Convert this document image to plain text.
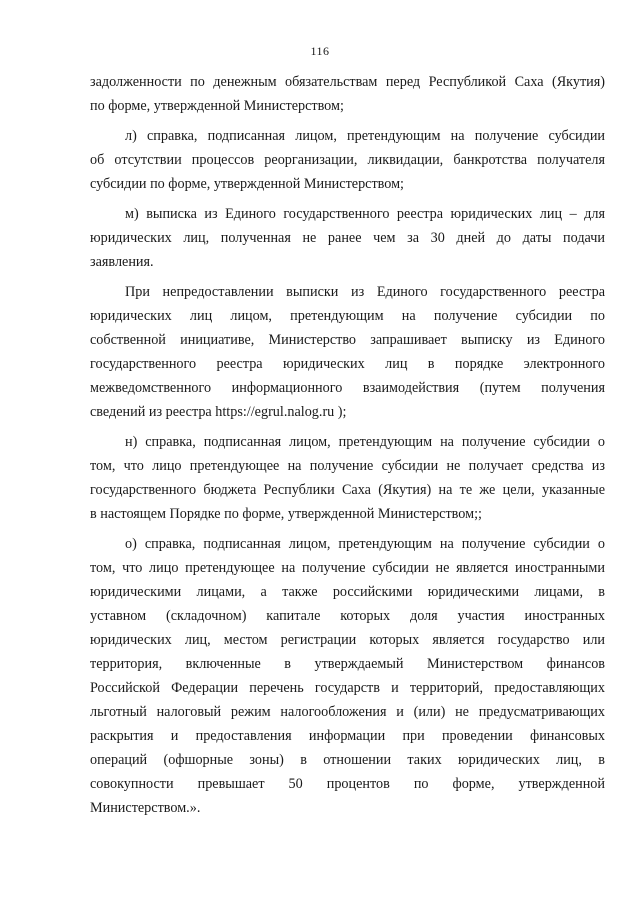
116
задолженности по денежным обязательствам перед Республикой Саха (Якутия)
по форме, утвержденной Министерством;
л) справка, подписанная лицом, претендующим на получение субсидии
об отсутствии процессов реорганизации, ликвидации, банкротства получателя
субсидии по форме, утвержденной Министерством;
м) выписка из Единого государственного реестра юридических лиц – для
юридических лиц, полученная не ранее чем за 30 дней до даты подачи
заявления.
При непредоставлении выписки из Единого государственного реестра
юридических лиц лицом, претендующим на получение субсидии по
собственной инициативе, Министерство запрашивает выписку из Единого
государственного реестра юридических лиц в порядке электронного
межведомственного информационного взаимодействия (путем получения
сведений из реестра https://egrul.nalog.ru );
н) справка, подписанная лицом, претендующим на получение субсидии о
том, что лицо претендующее на получение субсидии не получает средства из
государственного бюджета Республики Саха (Якутия) на те же цели, указанные
в настоящем Порядке по форме, утвержденной Министерством;;
о) справка, подписанная лицом, претендующим на получение субсидии о
том, что лицо претендующее на получение субсидии не является иностранными
юридическими лицами, а также российскими юридическими лицами, в
уставном (складочном) капитале которых доля участия иностранных
юридических лиц, местом регистрации которых является государство или
территория, включенные в утверждаемый Министерством финансов
Российской Федерации перечень государств и территорий, предоставляющих
льготный налоговый режим налогообложения и (или) не предусматривающих
раскрытия и предоставления информации при проведении финансовых
операций (офшорные зоны) в отношении таких юридических лиц, в
совокупности превышает 50 процентов по форме, утвержденной
Министерством.».
